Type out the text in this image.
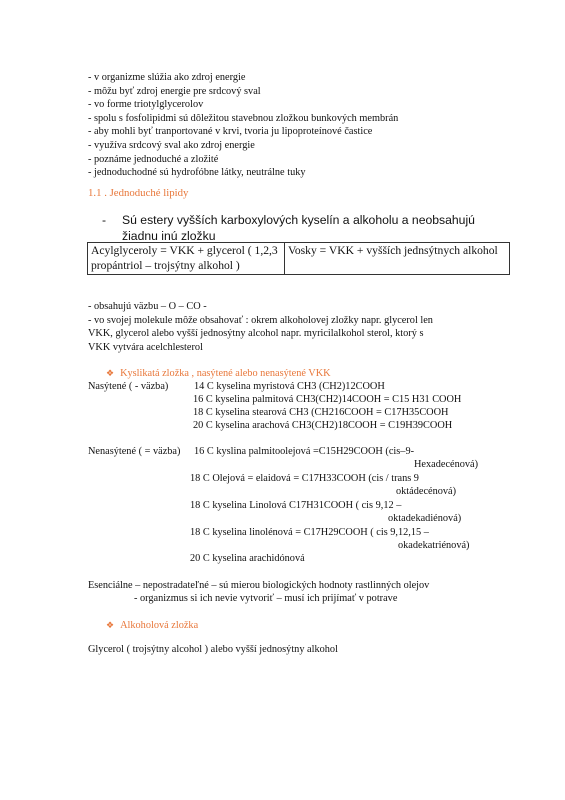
- v organizme slúžia ako zdroj energie
- môžu byť zdroj energie pre srdcový sval
- vo forme triotylglycerolov
- spolu s fosfolipidmi sú dôležitou stavebnou zložkou bunkových membrán
- aby mohli byť tranportované v krvi, tvoria ju lipoproteínové častice
- využíva srdcový sval ako zdroj energie
- poznáme jednoduché a zložité
- jednoduchodné sú hydrofóbne látky, neutrálne tuky
1.1 . Jednoduché lipidy
- Sú estery vyšších karboxylových kyselín a alkoholu a neobsahujú žiadnu inú zložku
Acylglyceroly = VKK + glycerol ( 1,2,3 propántriol – trojsýtny alkohol )	Vosky = VKK + vyšších jednsýtnych alkohol
- obsahujú väzbu – O – CO -
- vo svojej molekule môže obsahovať : okrem alkoholovej zložky napr. glycerol len
VKK, glycerol alebo vyšší jednosýtny alcohol napr. myricilalkohol sterol, ktorý s
VKK vytvára acelchlesterol
❖ Kyslikatá zložka , nasýtené alebo nenasýtené VKK
Nasýtené ( - väzba) 14 C kyselina myristová CH3 (CH2)12COOH
16 C kyselina palmitová CH3(CH2)14COOH = C15 H31 COOH
18 C kyselina stearová CH3 (CH216COOH = C17H35COOH
20 C kyselina arachová CH3(CH2)18COOH = C19H39COOH
Nenasýtené ( = väzba) 16 C kyslina palmitoolejová =C15H29COOH (cis–9-
Hexadecénová)
18 C Olejová = elaidová = C17H33COOH (cis / trans 9
oktádecénová)
18 C kyselina Linolová C17H31COOH ( cis 9,12 –
oktadekadiénová)
18 C kyselina linolénová = C17H29COOH ( cis 9,12,15 –
okadekatriénová)
20 C kyselina arachidónová
Esenciálne – nepostradateľné – sú mierou biologických hodnoty rastlinných olejov
- organizmus si ich nevie vytvoriť – musí ich prijímať v potrave
❖ Alkoholová zložka
Glycerol ( trojsýtny alcohol ) alebo vyšší jednosýtny alkohol
